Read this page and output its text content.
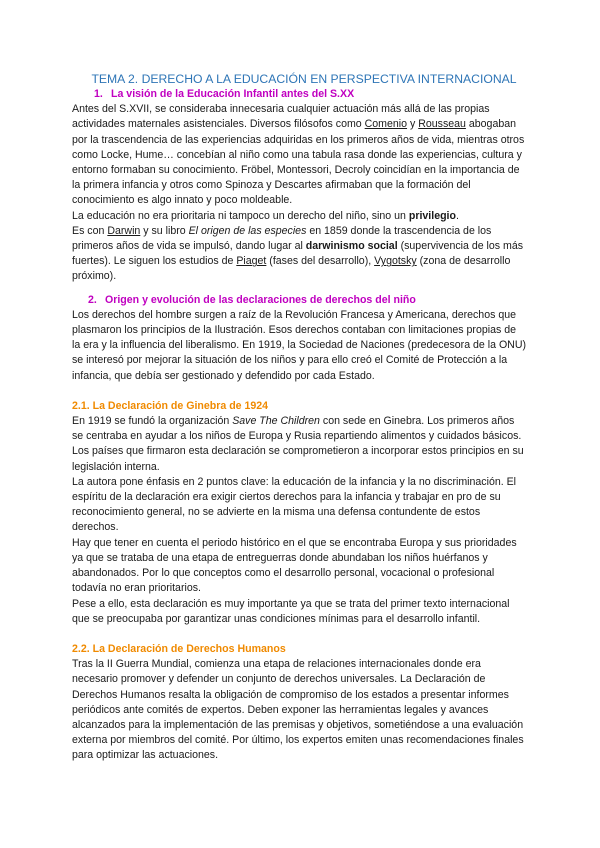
TEMA 2. DERECHO A LA EDUCACIÓN EN PERSPECTIVA INTERNACIONAL
1. La visión de la Educación Infantil antes del S.XX

Antes del S.XVII, se consideraba innecesaria cualquier actuación más allá de las propias actividades maternales asistenciales. Diversos filósofos como Comenio y Rousseau abogaban por la trascendencia de las experiencias adquiridas en los primeros años de vida, mientras otros como Locke, Hume… concebían al niño como una tabula rasa donde las experiencias, cultura y entorno formaban su conocimiento. Fröbel, Montessori, Decroly coincidían en la importancia de la primera infancia y otros como Spinoza y Descartes afirmaban que la formación del conocimiento es algo innato y poco moldeable.

La educación no era prioritaria ni tampoco un derecho del niño, sino un privilegio.

Es con Darwin y su libro El origen de las especies en 1859 donde la trascendencia de los primeros años de vida se impulsó, dando lugar al darwinismo social (supervivencia de los más fuertes). Le siguen los estudios de Piaget (fases del desarrollo), Vygotsky (zona de desarrollo próximo).

2. Origen y evolución de las declaraciones de derechos del niño

Los derechos del hombre surgen a raíz de la Revolución Francesa y Americana, derechos que plasmaron los principios de la Ilustración. Esos derechos contaban con limitaciones propias de la era y la influencia del liberalismo. En 1919, la Sociedad de Naciones (predecesora de la ONU) se interesó por mejorar la situación de los niños y para ello creó el Comité de Protección a la infancia, que debía ser gestionado y defendido por cada Estado.

2.1. La Declaración de Ginebra de 1924

En 1919 se fundó la organización Save The Children con sede en Ginebra. Los primeros años se centraba en ayudar a los niños de Europa y Rusia repartiendo alimentos y cuidados básicos. Los países que firmaron esta declaración se comprometieron a incorporar estos principios en su legislación interna.

La autora pone énfasis en 2 puntos clave: la educación de la infancia y la no discriminación. El espíritu de la declaración era exigir ciertos derechos para la infancia y trabajar en pro de su reconocimiento general, no se advierte en la misma una defensa contundente de estos derechos.

Hay que tener en cuenta el periodo histórico en el que se encontraba Europa y sus prioridades ya que se trataba de una etapa de entreguerras donde abundaban los niños huérfanos y abandonados. Por lo que conceptos como el desarrollo personal, vocacional o profesional todavía no eran prioritarios.

Pese a ello, esta declaración es muy importante ya que se trata del primer texto internacional que se preocupaba por garantizar unas condiciones mínimas para el desarrollo infantil.

2.2. La Declaración de Derechos Humanos

Tras la II Guerra Mundial, comienza una etapa de relaciones internacionales donde era necesario promover y defender un conjunto de derechos universales. La Declaración de Derechos Humanos resalta la obligación de compromiso de los estados a presentar informes periódicos ante comités de expertos. Deben exponer las herramientas legales y avances alcanzados para la implementación de las premisas y objetivos, sometiéndose a una evaluación externa por miembros del comité. Por último, los expertos emiten unas recomendaciones finales para optimizar las actuaciones.
